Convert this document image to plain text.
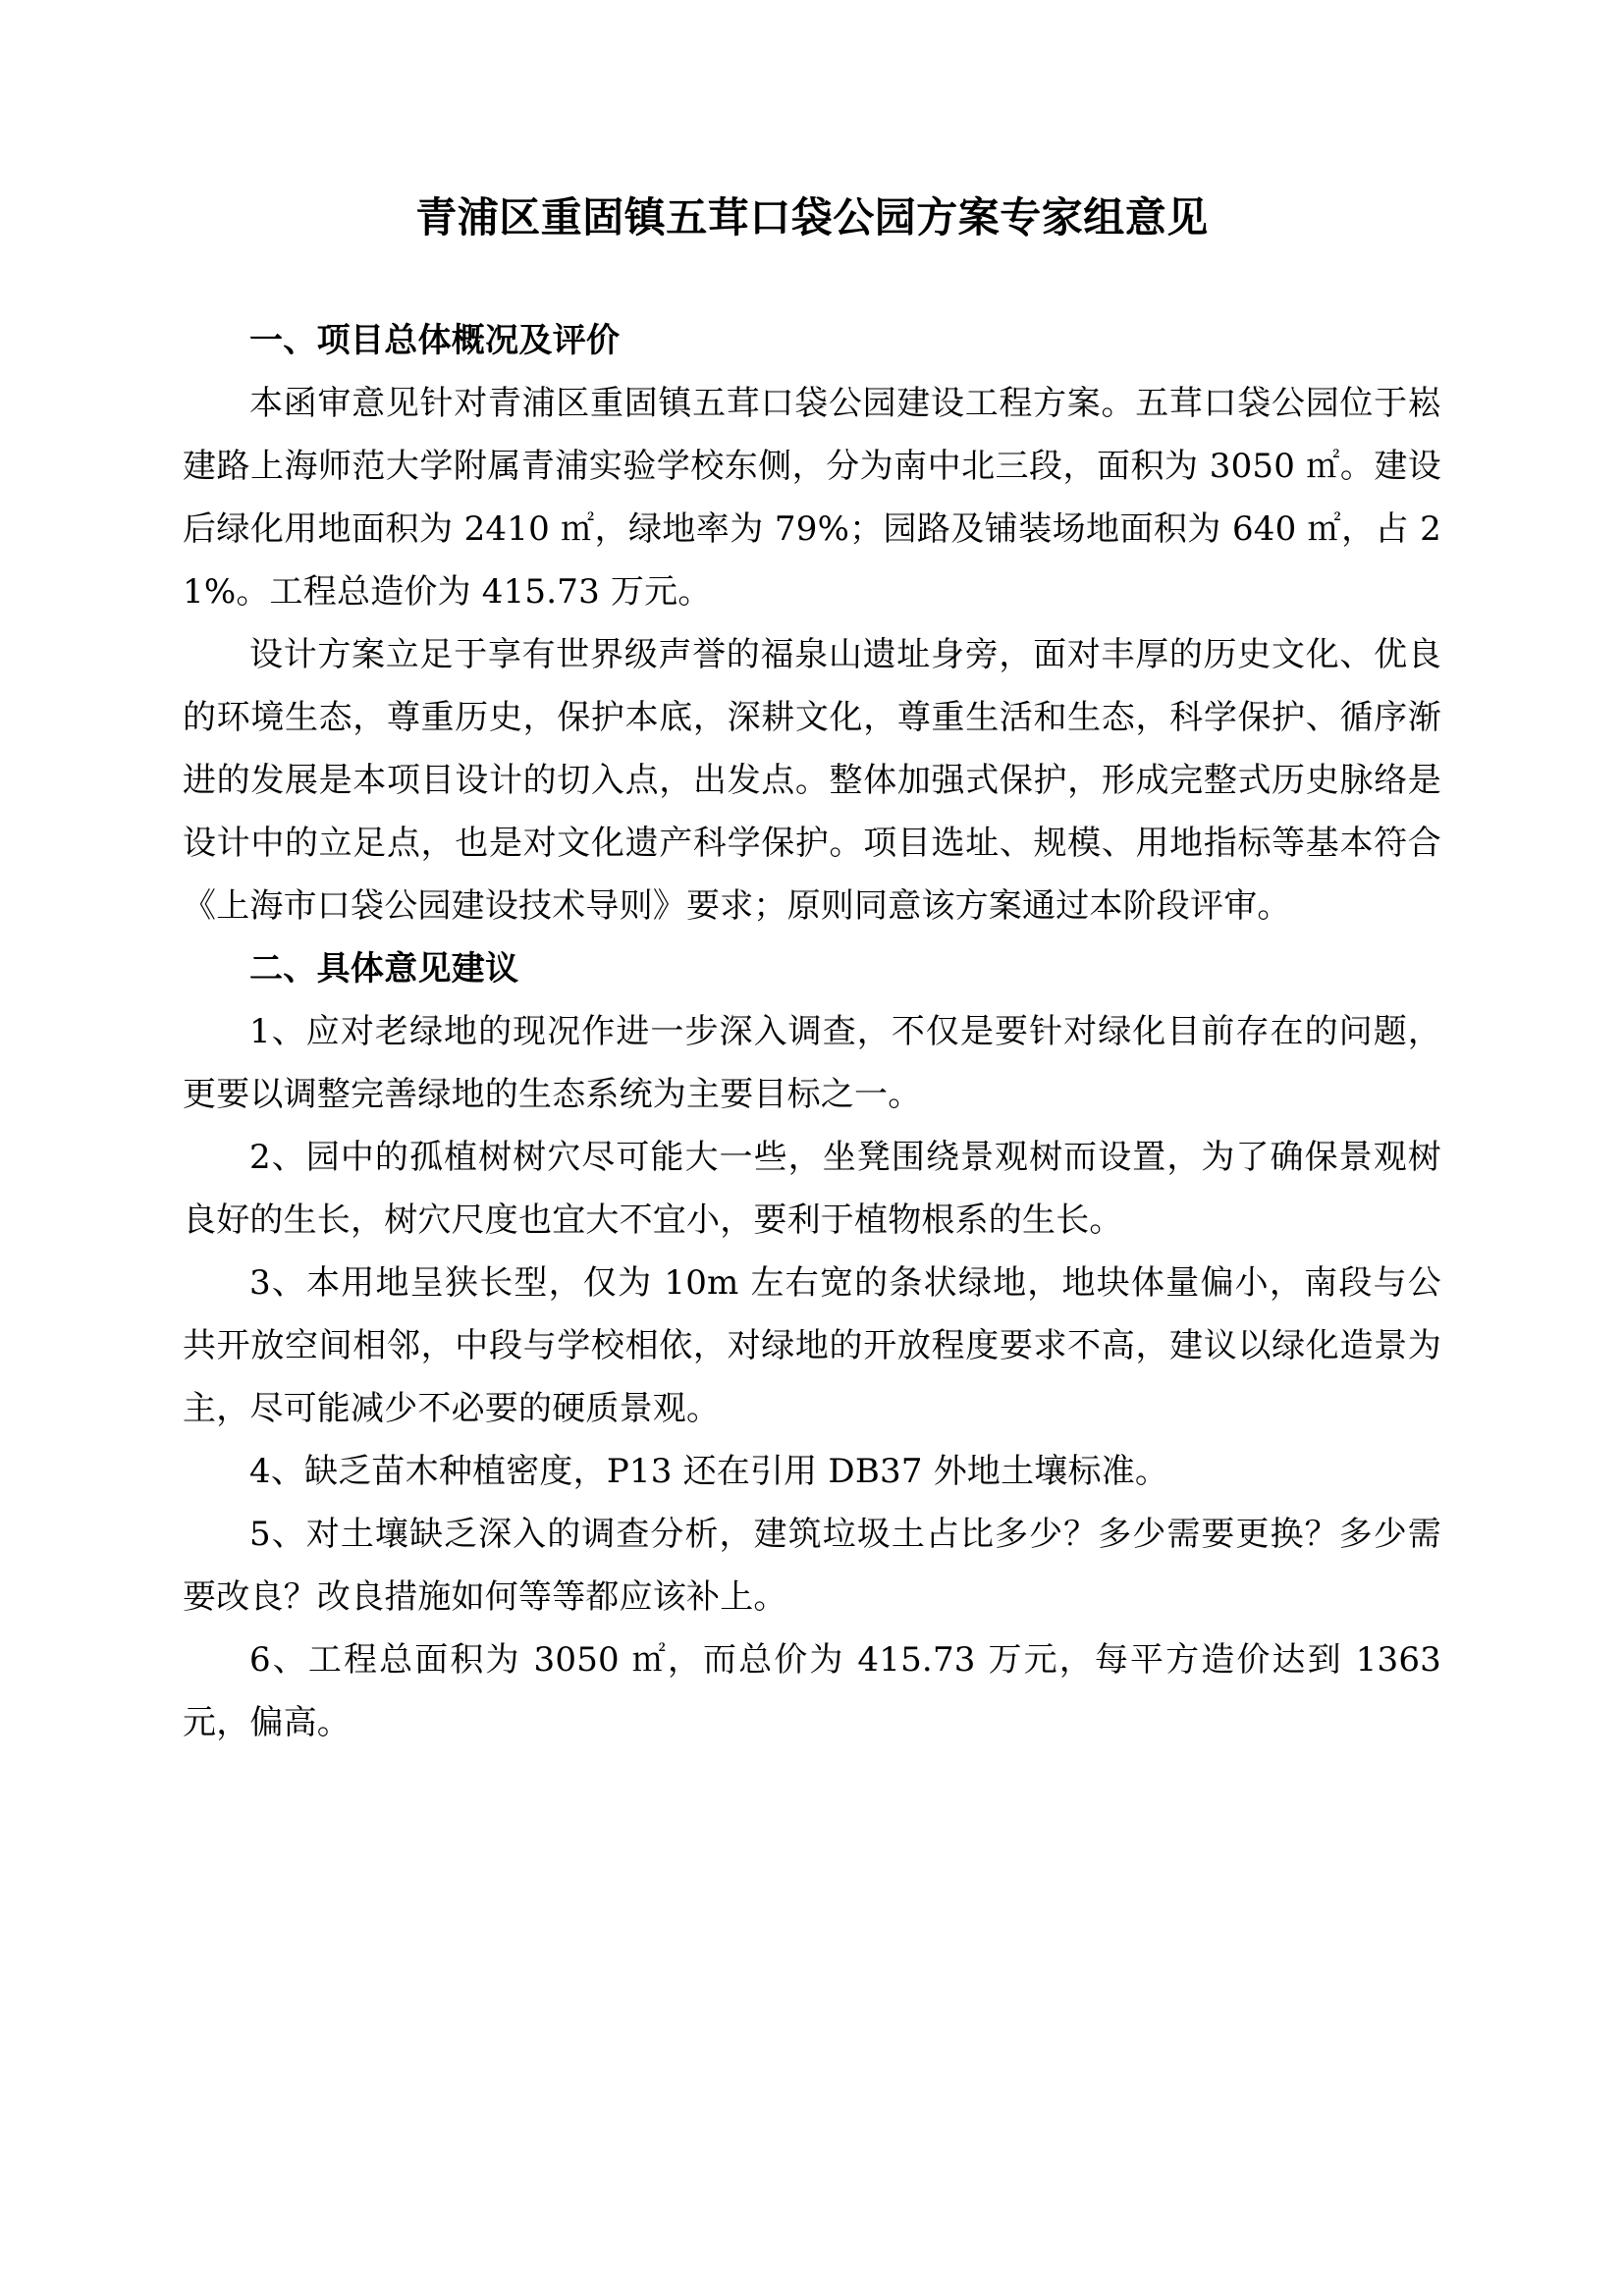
青浦区重固镇五茸口袋公园方案专家组意见
一、项目总体概况及评价

本函审意见针对青浦区重固镇五茸口袋公园建设工程方案。五茸口袋公园位于崧建路上海师范大学附属青浦实验学校东侧，分为南中北三段，面积为 3050 ㎡。建设后绿化用地面积为 2410 ㎡，绿地率为 79%；园路及铺装场地面积为 640 ㎡，占 21%。工程总造价为 415.73 万元。

设计方案立足于享有世界级声誉的福泉山遗址身旁，面对丰厚的历史文化、优良的环境生态，尊重历史，保护本底，深耕文化，尊重生活和生态，科学保护、循序渐进的发展是本项目设计的切入点，出发点。整体加强式保护，形成完整式历史脉络是设计中的立足点，也是对文化遗产科学保护。项目选址、规模、用地指标等基本符合《上海市口袋公园建设技术导则》要求；原则同意该方案通过本阶段评审。

二、具体意见建议

1、应对老绿地的现况作进一步深入调查，不仅是要针对绿化目前存在的问题，更要以调整完善绿地的生态系统为主要目标之一。

2、园中的孤植树树穴尽可能大一些，坐凳围绕景观树而设置，为了确保景观树良好的生长，树穴尺度也宜大不宜小，要利于植物根系的生长。

3、本用地呈狭长型，仅为 10m 左右宽的条状绿地，地块体量偏小，南段与公共开放空间相邻，中段与学校相依，对绿地的开放程度要求不高，建议以绿化造景为主，尽可能减少不必要的硬质景观。

4、缺乏苗木种植密度，P13 还在引用 DB37 外地土壤标准。

5、对土壤缺乏深入的调查分析，建筑垃圾土占比多少？多少需要更换？多少需要改良？改良措施如何等等都应该补上。

6、工程总面积为 3050 ㎡，而总价为 415.73 万元，每平方造价达到 1363 元，偏高。
